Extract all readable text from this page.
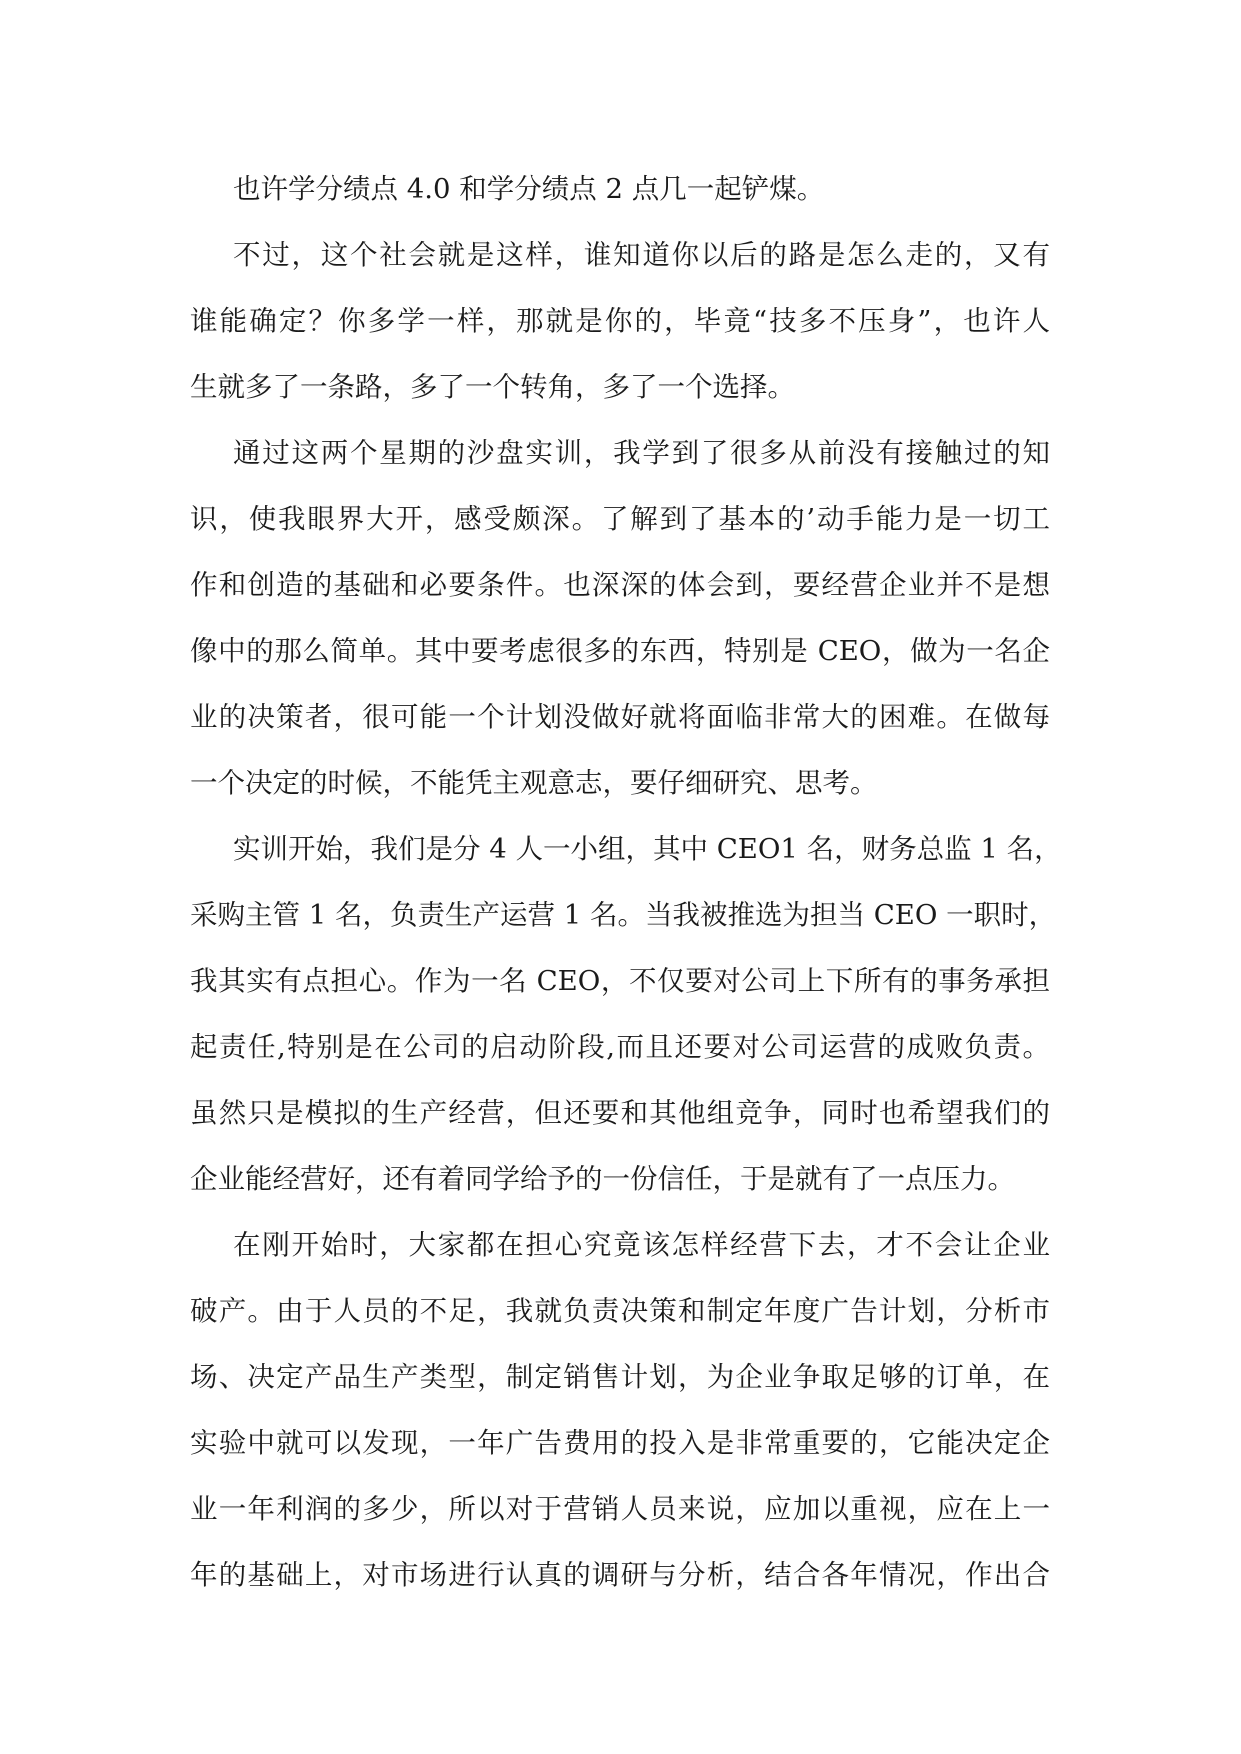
也许学分绩点 4.0 和学分绩点 2 点几一起铲煤。
不过，这个社会就是这样，谁知道你以后的路是怎么走的，又有
谁能确定？你多学一样，那就是你的，毕竟“技多不压身”，也许人
生就多了一条路，多了一个转角，多了一个选择。
通过这两个星期的沙盘实训，我学到了很多从前没有接触过的知
识，使我眼界大开，感受颇深。了解到了基本的’动手能力是一切工
作和创造的基础和必要条件。也深深的体会到，要经营企业并不是想
像中的那么简单。其中要考虑很多的东西，特别是 CEO，做为一名企
业的决策者，很可能一个计划没做好就将面临非常大的困难。在做每
一个决定的时候，不能凭主观意志，要仔细研究、思考。
实训开始，我们是分 4 人一小组，其中 CEO1 名，财务总监 1 名，
采购主管 1 名，负责生产运营 1 名。当我被推选为担当 CEO 一职时，
我其实有点担心。作为一名 CEO，不仅要对公司上下所有的事务承担
起责任,特别是在公司的启动阶段,而且还要对公司运营的成败负责。
虽然只是模拟的生产经营，但还要和其他组竞争，同时也希望我们的
企业能经营好，还有着同学给予的一份信任，于是就有了一点压力。
在刚开始时，大家都在担心究竟该怎样经营下去，才不会让企业
破产。由于人员的不足，我就负责决策和制定年度广告计划，分析市
场、决定产品生产类型，制定销售计划，为企业争取足够的订单，在
实验中就可以发现，一年广告费用的投入是非常重要的，它能决定企
业一年利润的多少，所以对于营销人员来说，应加以重视，应在上一
年的基础上，对市场进行认真的调研与分析，结合各年情况，作出合
